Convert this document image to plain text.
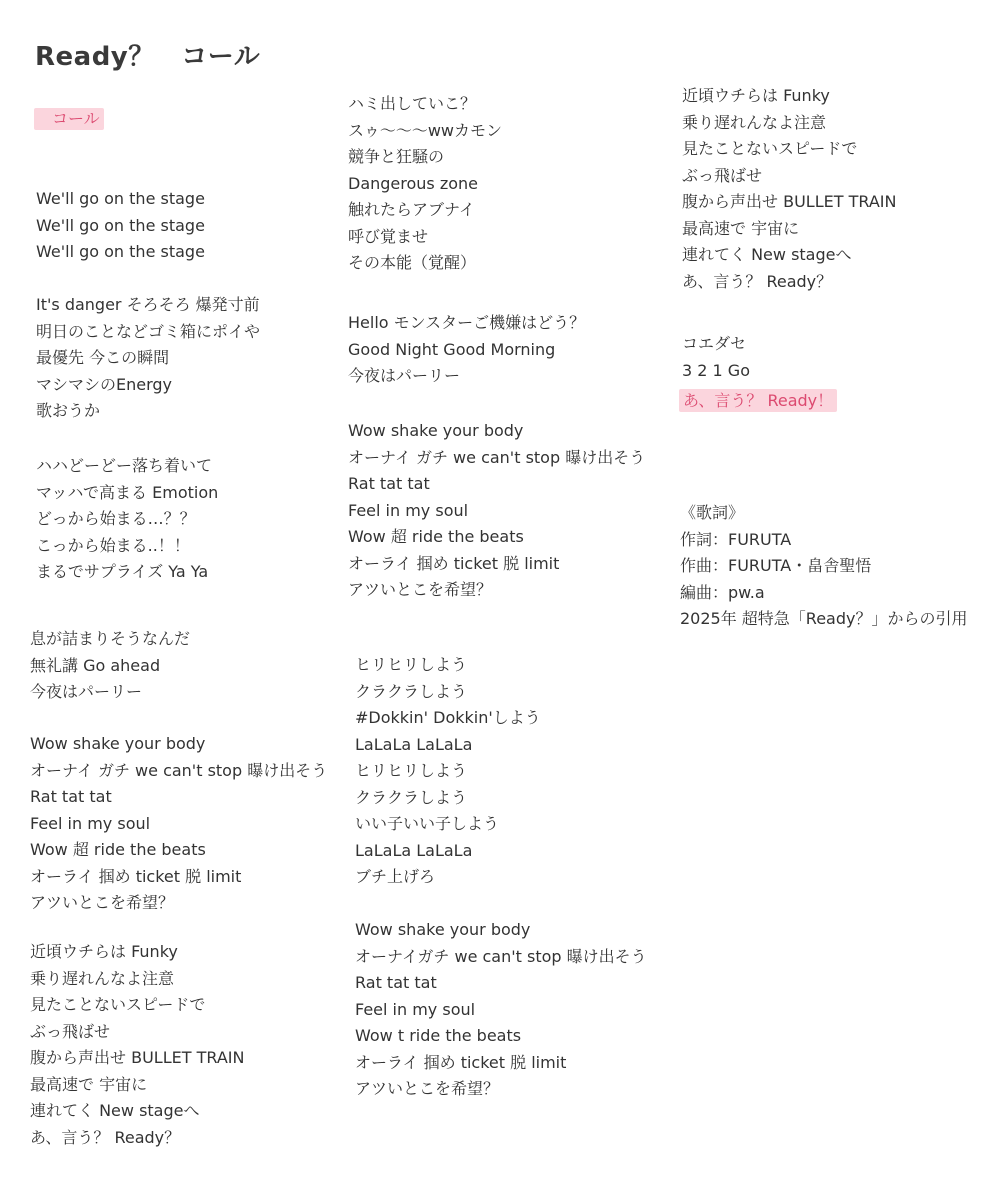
Ready？　コール
コール
We'll go on the stage
We'll go on the stage
We'll go on the stage
It's danger そろそろ 爆発寸前
明日のことなどゴミ箱にポイや
最優先 今この瞬間
マシマシのEnergy
歌おうか
ハハどーどー落ち着いて
マッハで高まる Emotion
どっから始まる…？？
こっから始まる..！！
まるでサプライズ Ya Ya
息が詰まりそうなんだ
無礼講 Go ahead
今夜はパーリー
Wow shake your body
オーナイ ガチ we can't stop 曝け出そう
Rat tat tat
Feel in my soul
Wow 超 ride the beats
オーライ 掴め ticket 脱 limit
アツいとこを希望？
近頃ウチらは Funky
乗り遅れんなよ注意
見たことないスピードで
ぶっ飛ばせ
腹から声出せ BULLET TRAIN
最高速で 宇宙に
連れてく New stageへ
あ、言う？ Ready？
ハミ出していこ？
スゥ〜〜〜wwカモン
競争と狂騒の
Dangerous zone
触れたらアブナイ
呼び覚ませ
その本能（覚醒）
Hello モンスターご機嫌はどう？
Good Night Good Morning
今夜はパーリー
Wow shake your body
オーナイ ガチ we can't stop 曝け出そう
Rat tat tat
Feel in my soul
Wow 超 ride the beats
オーライ 掴め ticket 脱 limit
アツいとこを希望？
ヒリヒリしよう
クラクラしよう
#Dokkin' Dokkin'しよう
LaLaLa LaLaLa
ヒリヒリしよう
クラクラしよう
いい子いい子しよう
LaLaLa LaLaLa
ブチ上げろ
Wow shake your body
オーナイガチ we can't stop 曝け出そう
Rat tat tat
Feel in my soul
Wow t ride the beats
オーライ 掴め ticket 脱 limit
アツいとこを希望？
近頃ウチらは Funky
乗り遅れんなよ注意
見たことないスピードで
ぶっ飛ばせ
腹から声出せ BULLET TRAIN
最高速で 宇宙に
連れてく New stageへ
あ、言う？ Ready？
コエダセ
3 2 1 Go
あ、言う？ Ready！
《歌詞》
作詞：FURUTA
作曲：FURUTA・畠舎聖悟
編曲：pw.a
2025年 超特急「Ready？」からの引用
